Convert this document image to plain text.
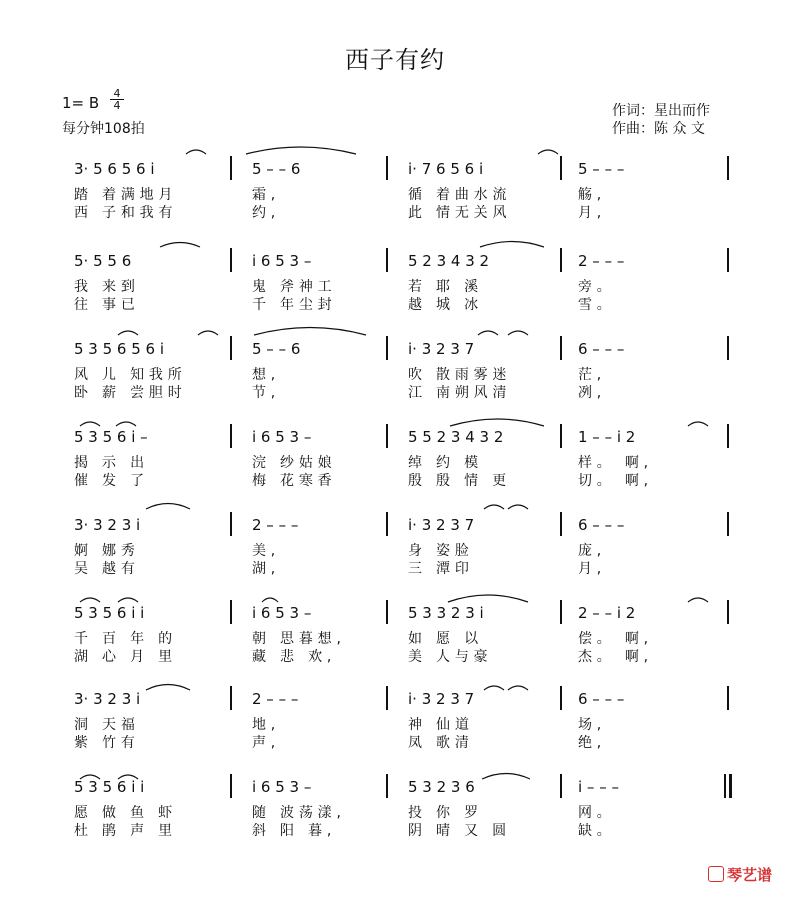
西子有约
1= B
4
4
每分钟108拍
作词：星出而作
作曲：陈 众 文
3· 5 6 5 6 i
踏 着满地月
西 子和我有
5 – – 6
霜,
约,
i· 7 6 5 6 i
循 着曲水流
此 情无关风
5 – – –
觞,
月,
5· 5 5 6
我 来到
往 事已
i 6 5 3 –
鬼 斧神工
千 年尘封
5 2 3 4 3 2
若 耶 溪
越 城 冰
2 – – –
旁。
雪。
5 3 5 6 5 6 i
风 儿 知我所
卧 薪 尝胆时
5 – – 6
想,
节,
i· 3 2 3 7
吹 散雨雾迷
江 南朔风清
6 – – –
茫,
冽,
5 3 5 6 i –
揭 示 出
催 发 了
i 6 5 3 –
浣 纱姑娘
梅 花寒香
5 5 2 3 4 3 2
绰 约 模
殷 殷 情 更
1 – – i 2
样。 啊,
切。 啊,
3· 3 2 3 i
婀 娜秀
吴 越有
2 – – –
美,
湖,
i· 3 2 3 7
身 姿脸
三 潭印
6 – – –
庞,
月,
5 3 5 6 i i
千 百 年 的
湖 心 月 里
i 6 5 3 –
朝 思暮想,
藏 悲 欢,
5 3 3 2 3 i
如 愿 以
美 人与豪
2 – – i 2
偿。 啊,
杰。 啊,
3· 3 2 3 i
洞 天福
紫 竹有
2 – – –
地,
声,
i· 3 2 3 7
神 仙道
凤 歌清
6 – – –
场,
绝,
5 3 5 6 i i
愿 做 鱼 虾
杜 鹃 声 里
i 6 5 3 –
随 波荡漾,
斜 阳 暮,
5 3 2 3 6
投 你 罗
阴 晴 又 圆
i – – –
网。
缺。
琴艺谱
